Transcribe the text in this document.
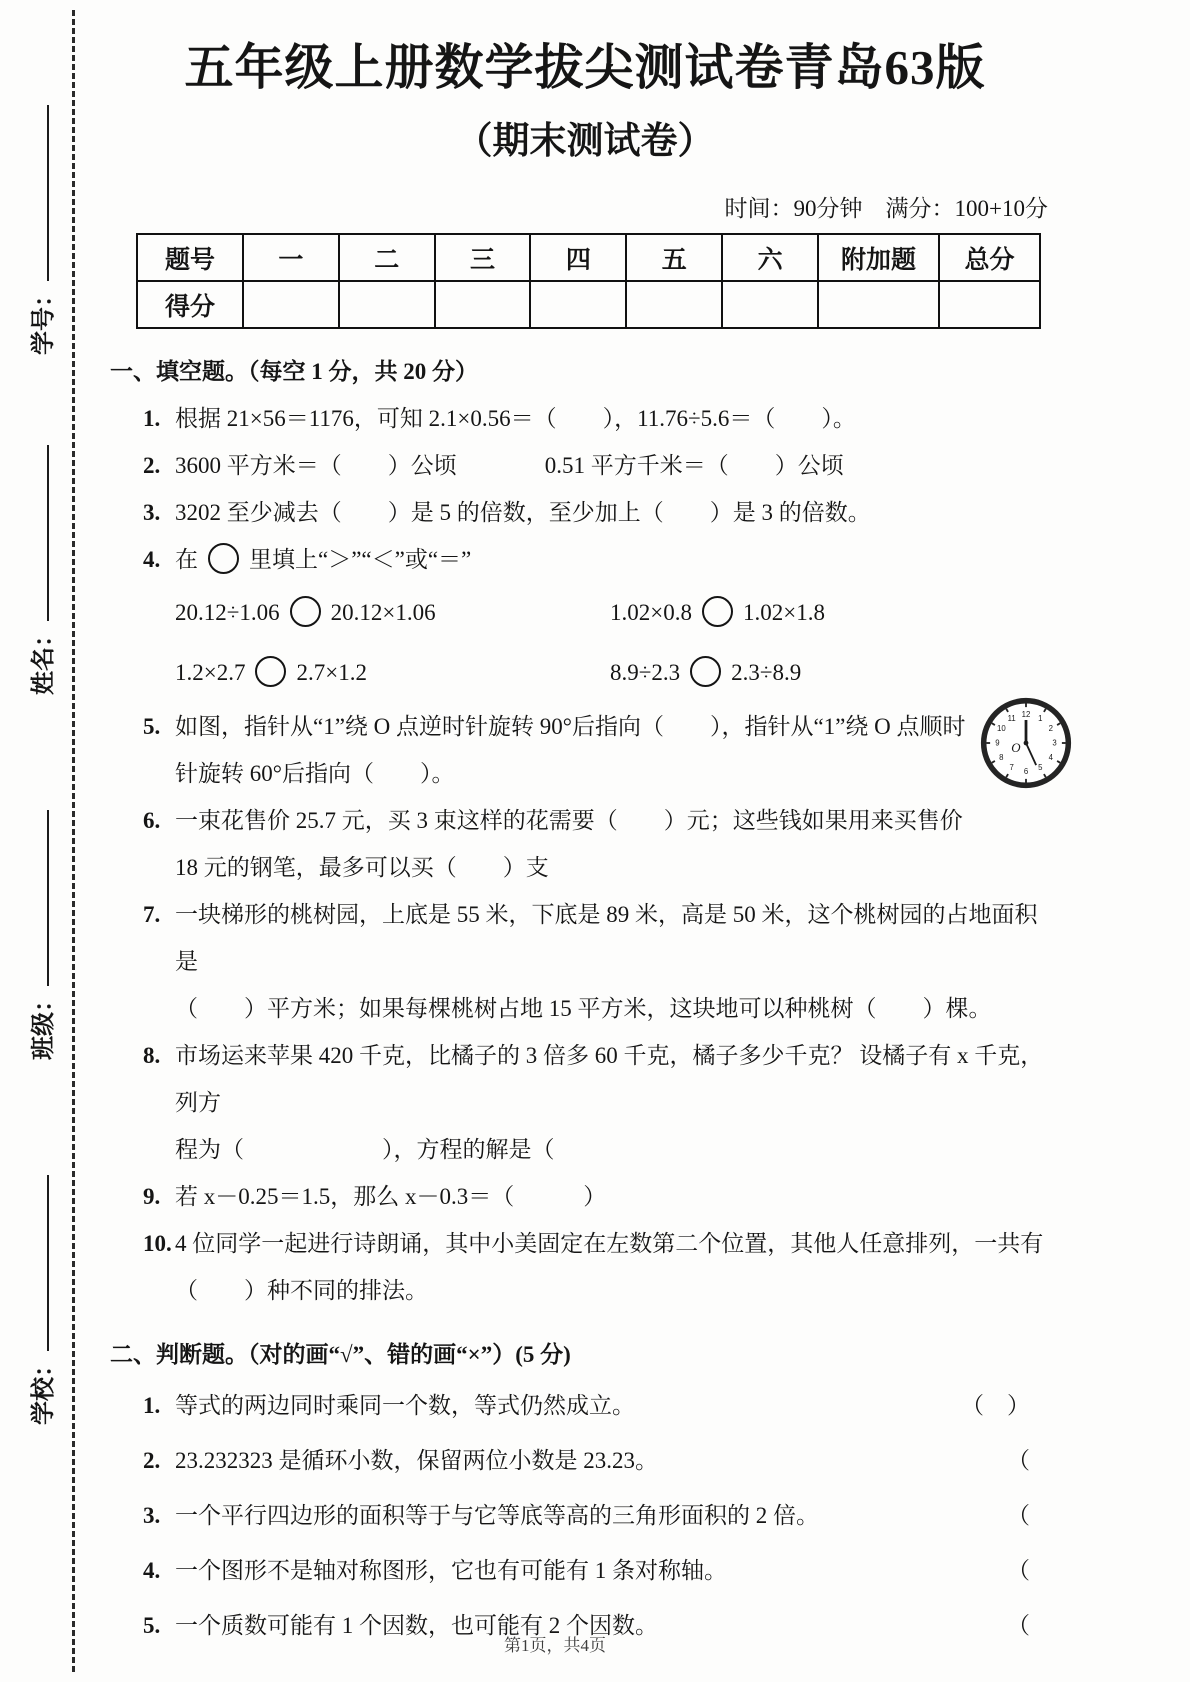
学号：
姓名：
班级：
学校：
五年级上册数学拔尖测试卷青岛63版
（期末测试卷）
时间：90分钟　满分：100+10分
题号	一	二	三	四	五	六	附加题	总分
得分								
一、填空题。（每空 1 分，共 20 分）
1. 根据 21×56＝1176，可知 2.1×0.56＝（　　），11.76÷5.6＝（　　）。
2. 3600 平方米＝（　　）公顷	0.51 平方千米＝（　　）公顷
3. 3202 至少减去（　　）是 5 的倍数，至少加上（　　）是 3 的倍数。
4. 在 里填上“＞”“＜”或“＝”
20.12÷1.06 20.12×1.06	1.02×0.8 1.02×1.8
1.2×2.7 2.7×1.2	8.9÷2.3 2.3÷8.9
5. 如图，指针从“1”绕 O 点逆时针旋转 90°后指向（　　），指针从“1”绕 O 点顺时
针旋转 60°后指向（　　）。
12 1
2
3
4
5
6
7
8
9
10
11
O
6. 一束花售价 25.7 元，买 3 束这样的花需要（　　）元；这些钱如果用来买售价
18 元的钢笔，最多可以买（　　）支
7. 一块梯形的桃树园，上底是 55 米，下底是 89 米，高是 50 米，这个桃树园的占地面积是
（　　）平方米；如果每棵桃树占地 15 平方米，这块地可以种桃树（　　）棵。
8. 市场运来苹果 420 千克，比橘子的 3 倍多 60 千克，橘子多少千克？ 设橘子有 x 千克，列方
程为（　　　　　　），方程的解是（
9. 若 x－0.25＝1.5，那么 x－0.3＝（　　　）
10. 4 位同学一起进行诗朗诵，其中小美固定在左数第二个位置，其他人任意排列，一共有
（　　）种不同的排法。
二、判断题。（对的画“√”、错的画“×”）(5 分)
1. 等式的两边同时乘同一个数，等式仍然成立。	（　）
2. 23.232323 是循环小数，保留两位小数是 23.23。	（
3. 一个平行四边形的面积等于与它等底等高的三角形面积的 2 倍。	（
4. 一个图形不是轴对称图形，它也有可能有 1 条对称轴。	（
5. 一个质数可能有 1 个因数，也可能有 2 个因数。	（
第1页，共4页
